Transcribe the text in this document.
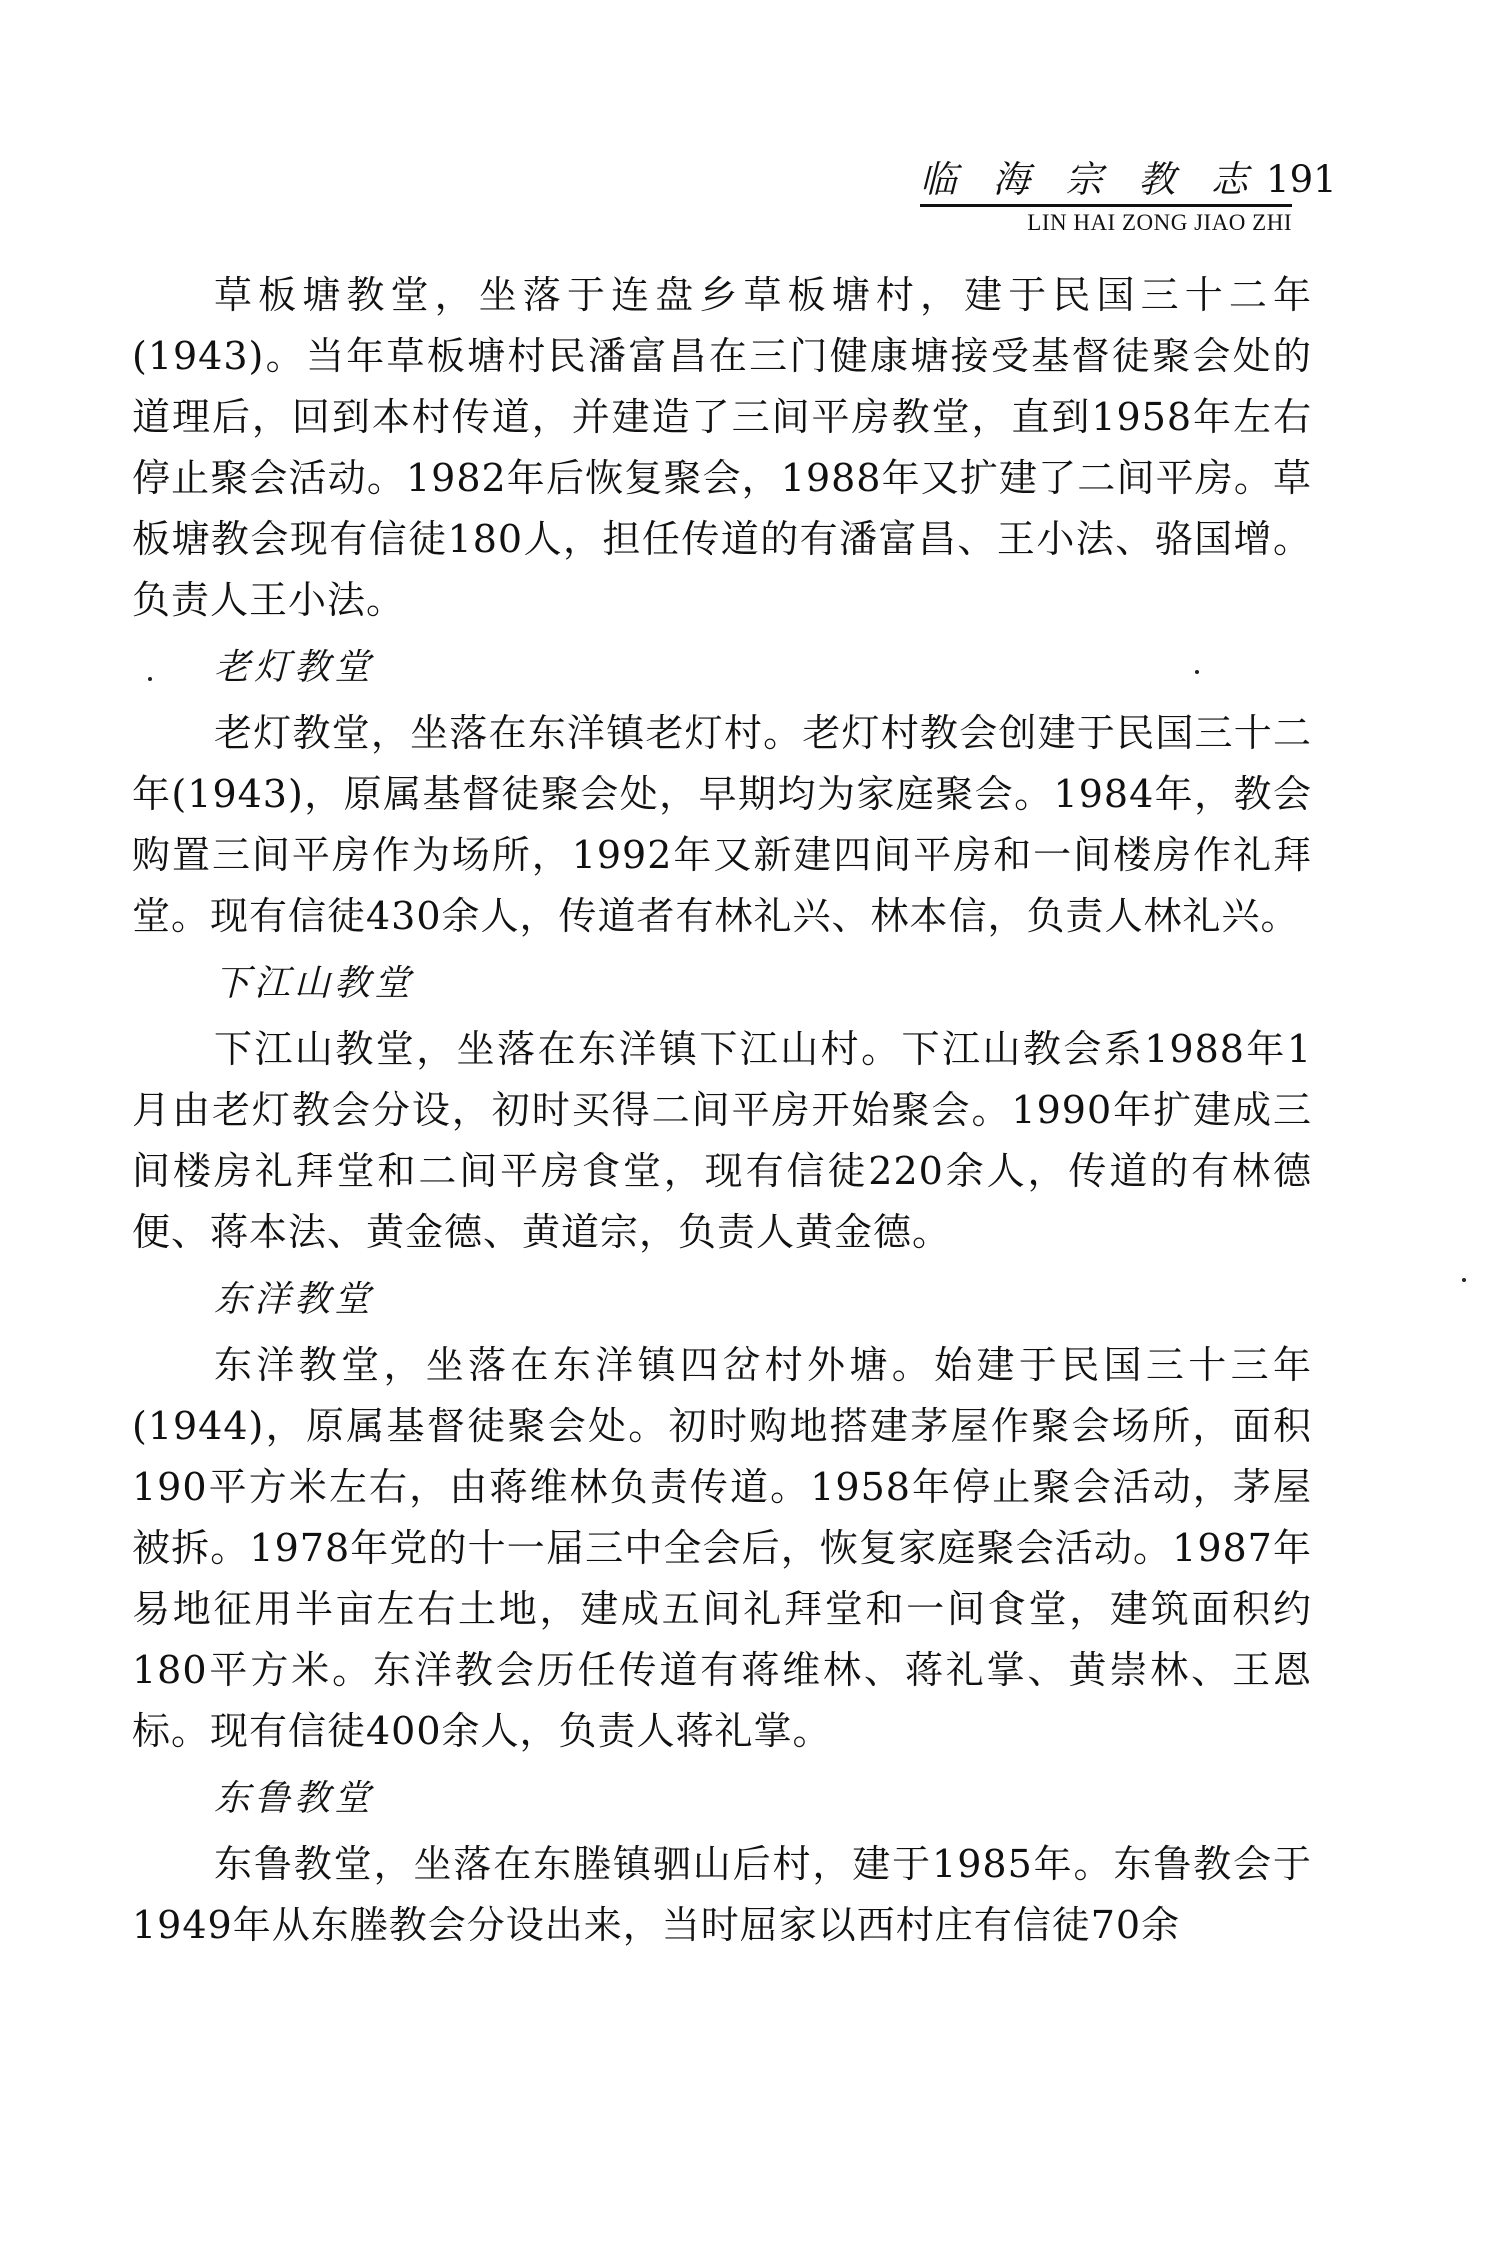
临 海 宗 教 志 191
LIN HAI ZONG JIAO ZHI

草板塘教堂，坐落于连盘乡草板塘村，建于民国三十二年(1943)。当年草板塘村民潘富昌在三门健康塘接受基督徒聚会处的道理后，回到本村传道，并建造了三间平房教堂，直到1958年左右停止聚会活动。1982年后恢复聚会，1988年又扩建了二间平房。草板塘教会现有信徒180人，担任传道的有潘富昌、王小法、骆国增。负责人王小法。

老灯教堂

老灯教堂，坐落在东洋镇老灯村。老灯村教会创建于民国三十二年(1943)，原属基督徒聚会处，早期均为家庭聚会。1984年，教会购置三间平房作为场所，1992年又新建四间平房和一间楼房作礼拜堂。现有信徒430余人，传道者有林礼兴、林本信，负责人林礼兴。

下江山教堂

下江山教堂，坐落在东洋镇下江山村。下江山教会系1988年1月由老灯教会分设，初时买得二间平房开始聚会。1990年扩建成三间楼房礼拜堂和二间平房食堂，现有信徒220余人，传道的有林德便、蒋本法、黄金德、黄道宗，负责人黄金德。

东洋教堂

东洋教堂，坐落在东洋镇四岔村外塘。始建于民国三十三年(1944)，原属基督徒聚会处。初时购地搭建茅屋作聚会场所，面积190平方米左右，由蒋维林负责传道。1958年停止聚会活动，茅屋被拆。1978年党的十一届三中全会后，恢复家庭聚会活动。1987年易地征用半亩左右土地，建成五间礼拜堂和一间食堂，建筑面积约180平方米。东洋教会历任传道有蒋维林、蒋礼掌、黄崇林、王恩标。现有信徒400余人，负责人蒋礼掌。

东鲁教堂

东鲁教堂，坐落在东塍镇驷山后村，建于1985年。东鲁教会于1949年从东塍教会分设出来，当时屈家以西村庄有信徒70余
